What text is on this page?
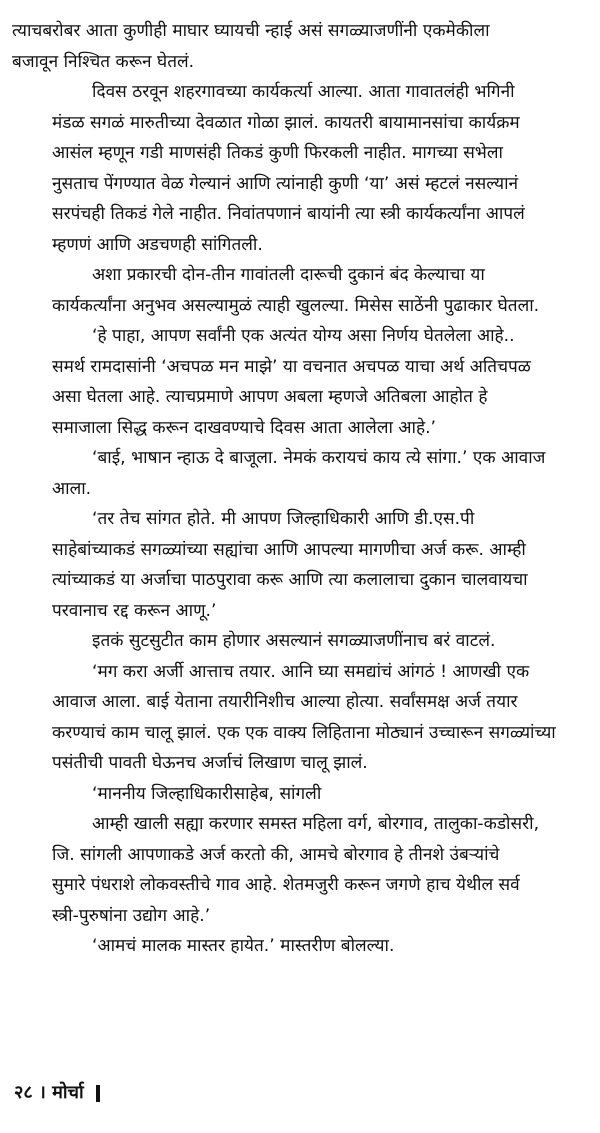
त्याचबरोबर आता कुणीही माघार घ्यायची न्हाई असं सगळ्याजणींनी एकमेकीला
बजावून निश्चित करून घेतलं.

दिवस ठरवून शहरगावच्या कार्यकर्त्या आल्या. आता गावातलंही भगिनी
मंडळ सगळं मारुतीच्या देवळात गोळा झालं. कायतरी बायामानसांचा कार्यक्रम
आसंल म्हणून गडी माणसंही तिकडं कुणी फिरकली नाहीत. मागच्या सभेला
नुसताच पेंगण्यात वेळ गेल्यानं आणि त्यांनाही कुणी ‘या’ असं म्हटलं नसल्यानं
सरपंचही तिकडं गेले नाहीत. निवांतपणानं बायांनी त्या स्त्री कार्यकर्त्यांना आपलं
म्हणणं आणि अडचणही सांगितली.

अशा प्रकारची दोन-तीन गावांतली दारूची दुकानं बंद केल्याचा या
कार्यकर्त्यांना अनुभव असल्यामुळं त्याही खुलल्या. मिसेस साठेंनी पुढाकार घेतला.

‘हे पाहा, आपण सर्वांनी एक अत्यंत योग्य असा निर्णय घेतलेला आहे..
समर्थ रामदासांनी ‘अचपळ मन माझे’ या वचनात अचपळ याचा अर्थ अतिचपळ
असा घेतला आहे. त्याचप्रमाणे आपण अबला म्हणजे अतिबला आहोत हे
समाजाला सिद्ध करून दाखवण्याचे दिवस आता आलेला आहे.’

‘बाई, भाषान न्हाऊ दे बाजूला. नेमकं करायचं काय त्ये सांगा.’ एक आवाज
आला.

‘तर तेच सांगत होते. मी आपण जिल्हाधिकारी आणि डी.एस.पी
साहेबांच्याकडं सगळ्यांच्या सह्यांचा आणि आपल्या मागणीचा अर्ज करू. आम्ही
त्यांच्याकडं या अर्जाचा पाठपुरावा करू आणि त्या कलालाचा दुकान चालवायचा
परवानाच रद्द करून आणू.’

इतकं सुटसुटीत काम होणार असल्यानं सगळ्याजणींनाच बरं वाटलं.

‘मग करा अर्जी आत्ताच तयार. आनि घ्या समद्यांचं आंगठं ! आणखी एक
आवाज आला. बाई येताना तयारीनिशीच आल्या होत्या. सर्वांसमक्ष अर्ज तयार
करण्याचं काम चालू झालं. एक एक वाक्य लिहिताना मोठ्यानं उच्चारून सगळ्यांच्या
पसंतीची पावती घेऊनच अर्जाचं लिखाण चालू झालं.

‘माननीय जिल्हाधिकारीसाहेब, सांगली

आम्ही खाली सह्या करणार समस्त महिला वर्ग, बोरगाव, तालुका-कडोसरी,
जि. सांगली आपणाकडे अर्ज करतो की, आमचे बोरगाव हे तीनशे उंबऱ्यांचे
सुमारे पंधराशे लोकवस्तीचे गाव आहे. शेतमजुरी करून जगणे हाच येथील सर्व
स्त्री-पुरुषांना उद्योग आहे.’

‘आमचं मालक मास्तर हायेत.’ मास्तरीण बोलल्या.

२८ । मोर्चा
